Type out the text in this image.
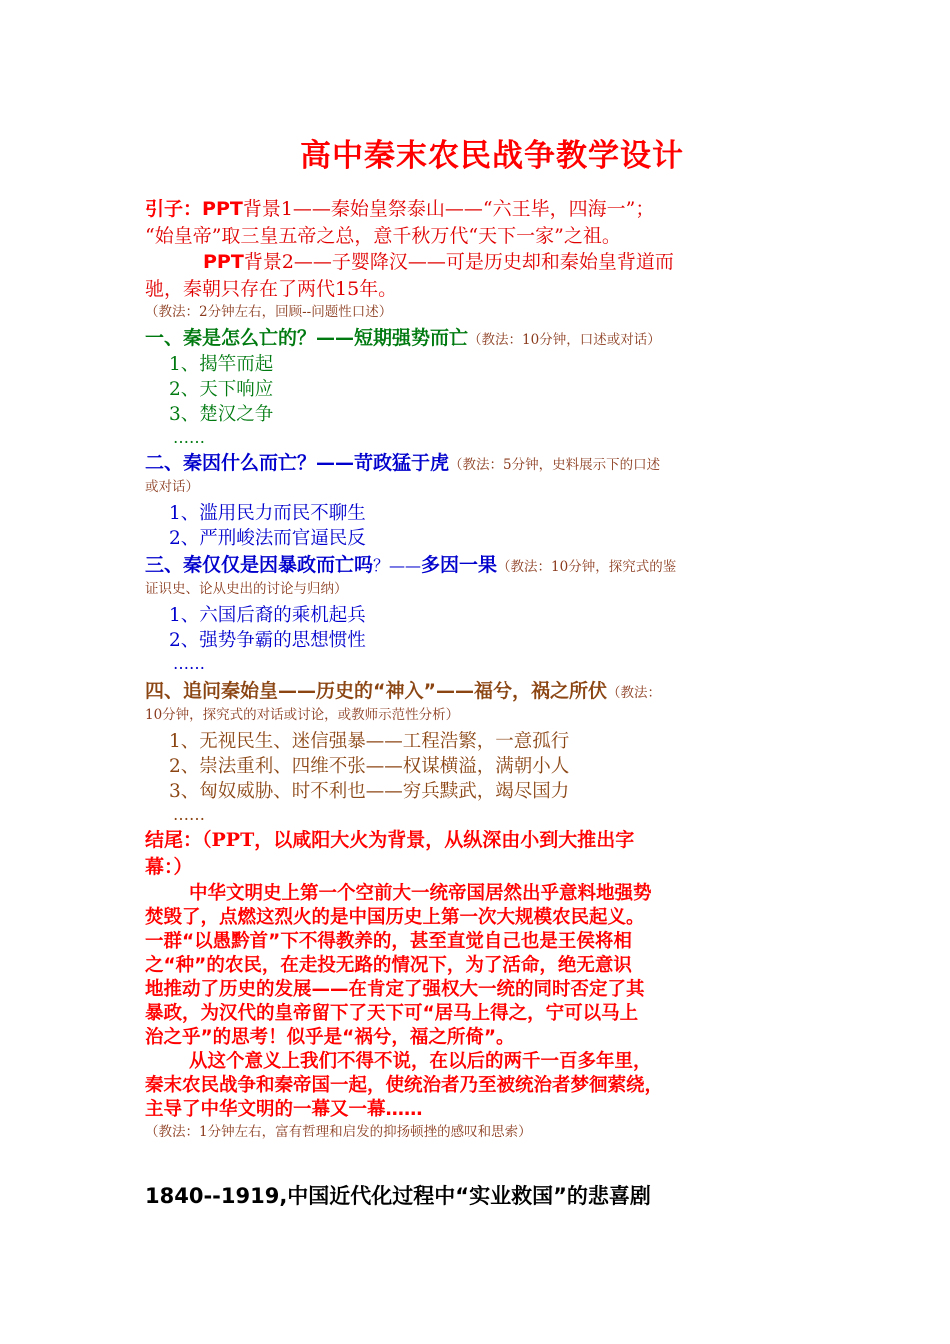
高中秦末农民战争教学设计
引子：PPT背景1——秦始皇祭泰山——“六王毕，四海一”；
“始皇帝”取三皇五帝之总，意千秋万代“天下一家”之祖。
PPT背景2——子婴降汉——可是历史却和秦始皇背道而
驰，秦朝只存在了两代15年。
（教法：2分钟左右，回顾--问题性口述）
一、秦是怎么亡的？——短期强势而亡（教法：10分钟，口述或对话）
1、揭竿而起
2、天下响应
3、楚汉之争
……
二、秦因什么而亡？——苛政猛于虎（教法：5分钟，史料展示下的口述
或对话）
1、滥用民力而民不聊生
2、严刑峻法而官逼民反
三、秦仅仅是因暴政而亡吗？——多因一果（教法：10分钟，探究式的鉴
证识史、论从史出的讨论与归纳）
1、六国后裔的乘机起兵
2、强势争霸的思想惯性
……
四、追问秦始皇——历史的“神入”——福兮，祸之所伏（教法：
10分钟，探究式的对话或讨论，或教师示范性分析）
1、无视民生、迷信强暴——工程浩繁，一意孤行
2、崇法重利、四维不张——权谋横溢，满朝小人
3、匈奴威胁、时不利也——穷兵黩武，竭尽国力
……
结尾：（PPT，以咸阳大火为背景，从纵深由小到大推出字
幕：）
中华文明史上第一个空前大一统帝国居然出乎意料地强势
焚毁了，点燃这烈火的是中国历史上第一次大规模农民起义。
一群“以愚黔首”下不得教养的，甚至直觉自己也是王侯将相
之“种”的农民，在走投无路的情况下，为了活命，绝无意识
地推动了历史的发展——在肯定了强权大一统的同时否定了其
暴政，为汉代的皇帝留下了天下可“居马上得之，宁可以马上
治之乎”的思考！似乎是“祸兮，福之所倚”。
从这个意义上我们不得不说，在以后的两千一百多年里，
秦末农民战争和秦帝国一起，使统治者乃至被统治者梦徊萦绕，
主导了中华文明的一幕又一幕……
（教法：1分钟左右，富有哲理和启发的抑扬顿挫的感叹和思索）
1840--1919,中国近代化过程中“实业救国”的悲喜剧
